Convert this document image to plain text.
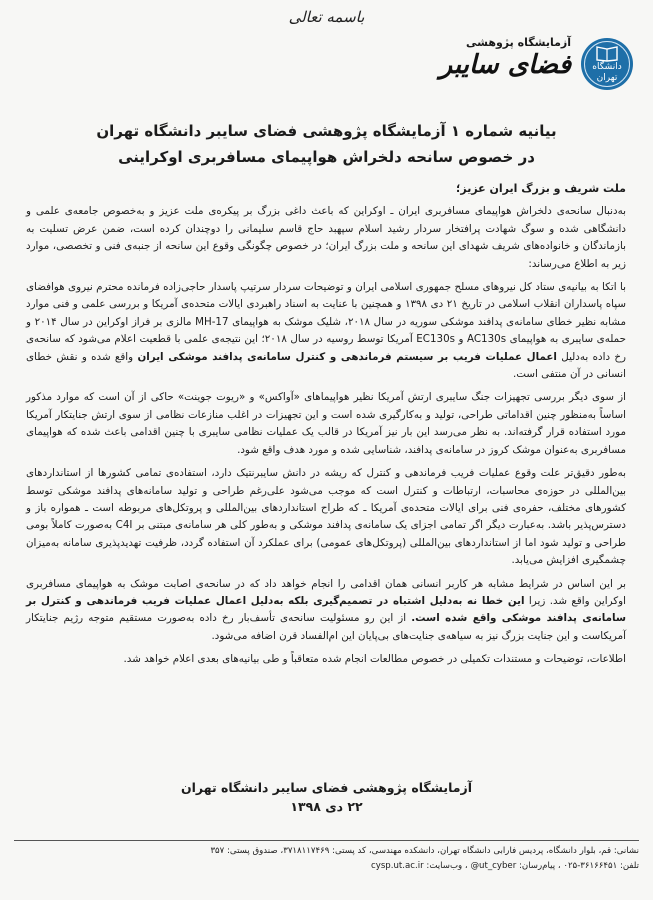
باسمه تعالی
دانشگاه تهران
آزمایشگاه پژوهشی
فضای سایبر
بیانیه شماره ۱ آزمایشگاه پژوهشی فضای سایبر دانشگاه تهران
در خصوص سانحه دلخراش هواپیمای مسافربری اوکراینی

ملت شریف و بزرگ ایران عزیز؛

به‌دنبال سانحه‌ی دلخراش هواپیمای مسافربری ایران ـ اوکراین که باعث داغی بزرگ بر پیکره‌ی ملت عزیز و به‌خصوص جامعه‌ی علمی و دانشگاهی شده و سوگ شهادت پرافتخار سردار رشید اسلام سپهبد حاج قاسم سلیمانی را دوچندان کرده است، ضمن عرض تسلیت به بازماندگان و خانواده‌های شریف شهدای این سانحه و ملت بزرگ ایران؛ در خصوص چگونگی وقوع این سانحه از جنبه‌ی فنی و تخصصی، موارد زیر به اطلاع می‌رساند:

با اتکا به بیانیه‌ی ستاد کل نیروهای مسلح جمهوری اسلامی ایران و توضیحات سردار سرتیپ پاسدار حاجی‌زاده فرمانده محترم نیروی هوافضای سپاه پاسداران انقلاب اسلامی در تاریخ ۲۱ دی ۱۳۹۸ و همچنین با عنایت به اسناد راهبردی ایالات متحده‌ی آمریکا و بررسی علمی و فنی موارد مشابه نظیر خطای سامانه‌ی پدافند موشکی سوریه در سال ۲۰۱۸، شلیک موشک به هواپیمای MH-17 مالزی بر فراز اوکراین در سال ۲۰۱۴ و حمله‌ی سایبری به هواپیمای AC130s و EC130s آمریکا توسط روسیه در سال ۲۰۱۸؛ این نتیجه‌ی علمی با قطعیت اعلام می‌شود که سانحه‌ی رخ داده به‌دلیل اعمال عملیات فریب بر سیستم فرماندهی و کنترل سامانه‌ی پدافند موشکی ایران واقع شده و نقش خطای انسانی در آن منتفی است.

از سوی دیگر بررسی تجهیزات جنگ سایبری ارتش آمریکا نظیر هواپیماهای «آواکس» و «ریوت جوینت» حاکی از آن است که موارد مذکور اساساً به‌منظور چنین اقداماتی طراحی، تولید و به‌کارگیری شده است و این تجهیزات در اغلب منازعات نظامی از سوی ارتش جنایتکار آمریکا مورد استفاده قرار گرفته‌اند. به نظر می‌رسد این بار نیز آمریکا در قالب یک عملیات نظامی سایبری با چنین اقدامی باعث شده که هواپیمای مسافربری به‌عنوان موشک کروز در سامانه‌ی پدافند، شناسایی شده و مورد هدف واقع شود.

به‌طور دقیق‌تر علت وقوع عملیات فریب فرماندهی و کنترل که ریشه در دانش سایبرنتیک دارد، استفاده‌ی تمامی کشورها از استانداردهای بین‌المللی در حوزه‌ی محاسبات، ارتباطات و کنترل است که موجب می‌شود علی‌رغم طراحی و تولید سامانه‌های پدافند موشکی توسط کشورهای مختلف، حفره‌ی فنی برای ایالات متحده‌ی آمریکا ـ که طراح استانداردهای بین‌المللی و پروتکل‌های مربوطه است ـ همواره باز و دسترس‌پذیر باشد. به‌عبارت دیگر اگر تمامی اجزای یک سامانه‌ی پدافند موشکی و به‌طور کلی هر سامانه‌ی مبتنی بر C4I به‌صورت کاملاً بومی طراحی و تولید شود اما از استانداردهای بین‌المللی (پروتکل‌های عمومی) برای عملکرد آن استفاده گردد، ظرفیت تهدیدپذیری سامانه به‌میزان چشمگیری افزایش می‌یابد.

بر این اساس در شرایط مشابه هر کاربر انسانی همان اقدامی را انجام خواهد داد که در سانحه‌ی اصابت موشک به هواپیمای مسافربری اوکراین واقع شد. زیرا این خطا نه به‌دلیل اشتباه در تصمیم‌گیری بلکه به‌دلیل اعمال عملیات فریب فرماندهی و کنترل بر سامانه‌ی پدافند موشکی واقع شده است. از این رو مسئولیت سانحه‌ی تأسف‌بار رخ داده به‌صورت مستقیم متوجه رژیم جنایتکار آمریکاست و این جنایت بزرگ نیز به سیاهه‌ی جنایت‌های بی‌پایان این ام‌الفساد قرن اضافه می‌شود.

اطلاعات، توضیحات و مستندات تکمیلی در خصوص مطالعات انجام شده متعاقباً و طی بیانیه‌های بعدی اعلام خواهد شد.

آزمایشگاه پژوهشی فضای سایبر دانشگاه تهران
۲۲ دی ۱۳۹۸
نشانی: قم، بلوار دانشگاه، پردیس فارابی دانشگاه تهران، دانشکده مهندسی، کد پستی: ۳۷۱۸۱۱۷۴۶۹، صندوق پستی: ۳۵۷
تلفن: ۳۶۱۶۶۴۵۱-۰۲۵ ، پیام‌رسان: ut_cyber@ ، وب‌سایت: cysp.ut.ac.ir
